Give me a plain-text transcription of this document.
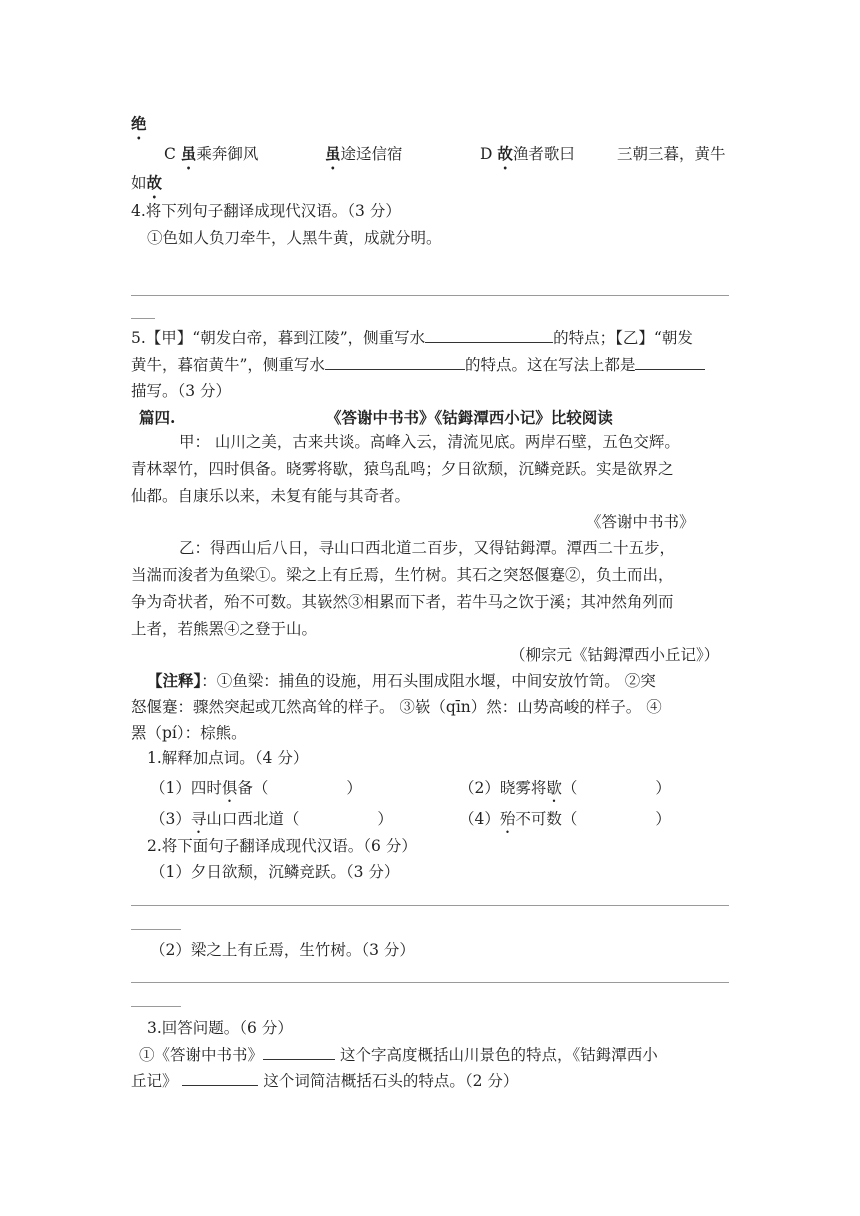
绝
C 虽乘奔御风	虽途迳信宿	D 故渔者歌曰	三朝三暮，黄牛
如故
4.将下列句子翻译成现代汉语。（3 分）
①色如人负刀牵牛，人黑牛黄，成就分明。
5.【甲】“朝发白帝，暮到江陵”，侧重写水	的特点；【乙】“朝发
黄牛，暮宿黄牛”，侧重写水	的特点。这在写法上都是
描写。（3 分）
篇四.	《答谢中书书》《钴鉧潭西小记》比较阅读
甲： 山川之美，古来共谈。高峰入云，清流见底。两岸石壁，五色交辉。
青林翠竹，四时俱备。晓雾将歇，猿鸟乱鸣；夕日欲颓，沉鳞竞跃。实是欲界之
仙都。自康乐以来，未复有能与其奇者。
《答谢中书书》
乙：得西山后八日，寻山口西北道二百步，又得钴鉧潭。潭西二十五步，
当湍而浚者为鱼梁①。梁之上有丘焉，生竹树。其石之突怒偃蹇②，负土而出，
争为奇状者，殆不可数。其嵚然③相累而下者，若牛马之饮于溪；其冲然角列而
上者，若熊罴④之登于山。
（柳宗元《钴鉧潭西小丘记》）
【注释】：①鱼梁：捕鱼的设施，用石头围成阻水堰，中间安放竹笥。 ②突
怒偃蹇：骤然突起或兀然高耸的样子。 ③嵚（qīn）然：山势高峻的样子。 ④
罴（pí）：棕熊。
1.解释加点词。（4 分）
（1）四时俱备（	）	（2）晓雾将歇（	）
（3）寻山口西北道（	）	（4）殆不可数（	）
2.将下面句子翻译成现代汉语。（6 分）
（1）夕日欲颓，沉鳞竞跃。（3 分）
（2）梁之上有丘焉，生竹树。（3 分）
3.回答问题。（6 分）
①《答谢中书书》	这个字高度概括山川景色的特点，《钴鉧潭西小
丘记》	这个词简洁概括石头的特点。（2 分）
